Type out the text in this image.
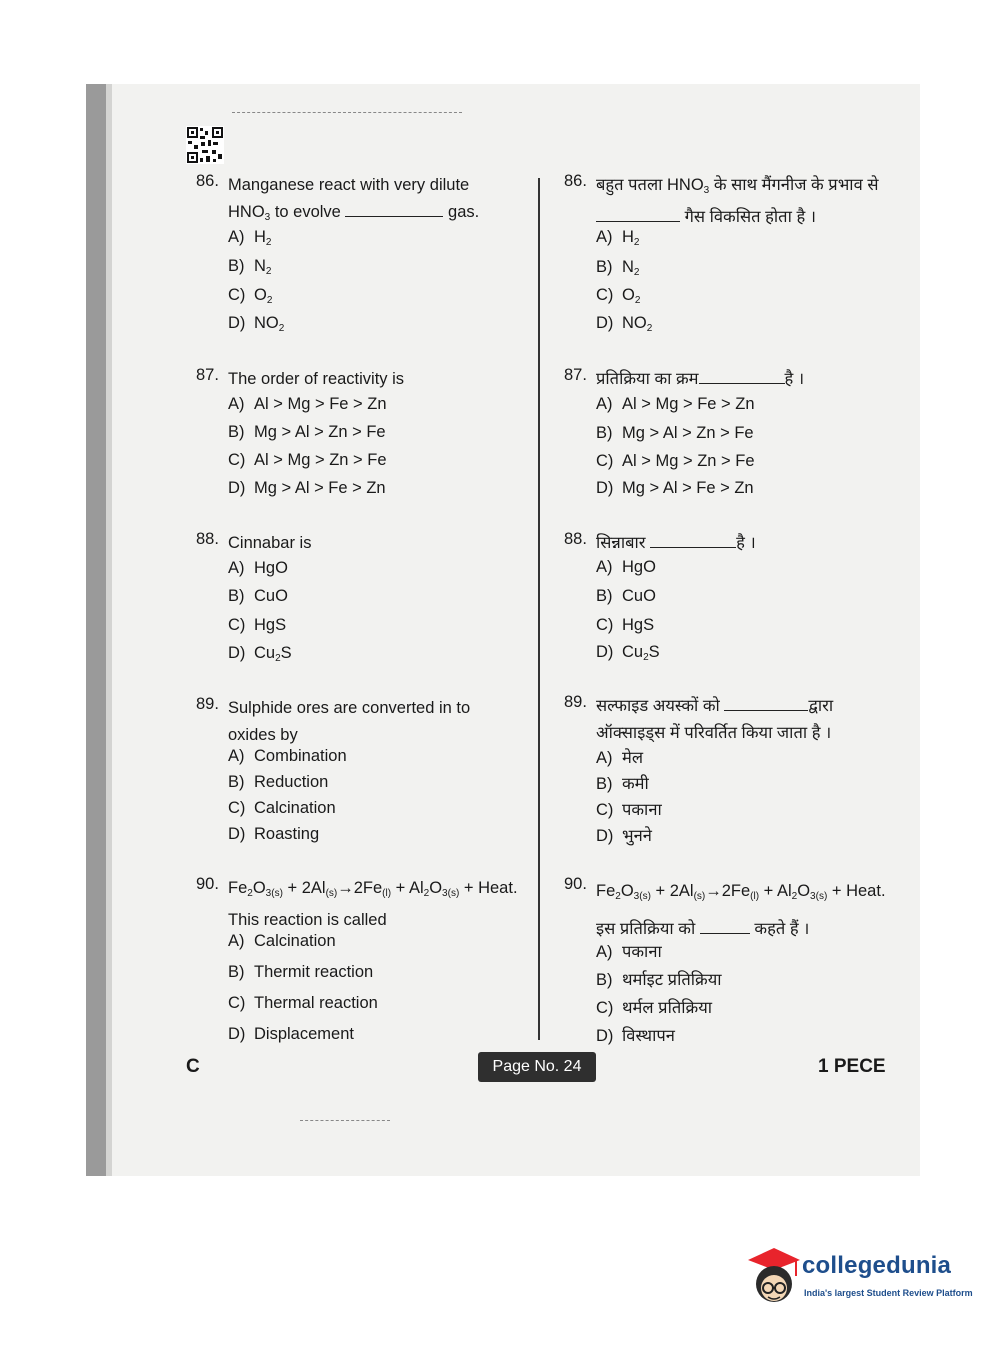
86. Manganese react with very dilute
$HNO_3$ to evolve	gas.
A) $H_2$
B) $N_2$
C) $O_2$
D) $NO_2$
87. The order of reactivity is
A) Al > Mg > Fe > Zn
B) Mg > Al > Zn > Fe
C) Al > Mg > Zn > Fe
D) Mg > Al > Fe > Zn
88. Cinnabar is
A) HgO
B) CuO
C) HgS
D) $Cu_2S$
89. Sulphide ores are converted in to
oxides by
A) Combination
B) Reduction
C) Calcination
D) Roasting
90. $Fe_2O_{3(s)} + 2Al_{(s)}\to 2Fe_{(l)} + Al_2O_{3(s)}$ + Heat.
This reaction is called
A) Calcination
B) Thermit reaction
C) Thermal reaction
D) Displacement
86. बहुत पतला $HNO_3$ के साथ मैंगनीज के प्रभाव से
गैस विकसित होता है ।
A) $H_2$
B) $N_2$
C) $O_2$
D) $NO_2$
87. प्रतिक्रिया का क्रम	है ।
A) Al > Mg > Fe > Zn
B) Mg > Al > Zn > Fe
C) Al > Mg > Zn > Fe
D) Mg > Al > Fe > Zn
88. सिन्नाबार	है ।
A) HgO
B) CuO
C) HgS
D) $Cu_2S$
89. सल्फाइड अयस्कों को	द्वारा
ऑक्साइड्स में परिवर्तित किया जाता है ।
A) मेल
B) कमी
C) पकाना
D) भुनने
90. $Fe_2O_{3(s)} + 2Al_{(s)}\to 2Fe_{(l)} + Al_2O_{3(s)}$ + Heat.
इस प्रतिक्रिया को	कहते हैं ।
A) पकाना
B) थर्माइट प्रतिक्रिया
C) थर्मल प्रतिक्रिया
D) विस्थापन
C	Page No. 24	1 PECE
collegedunia
India's largest Student Review Platform
